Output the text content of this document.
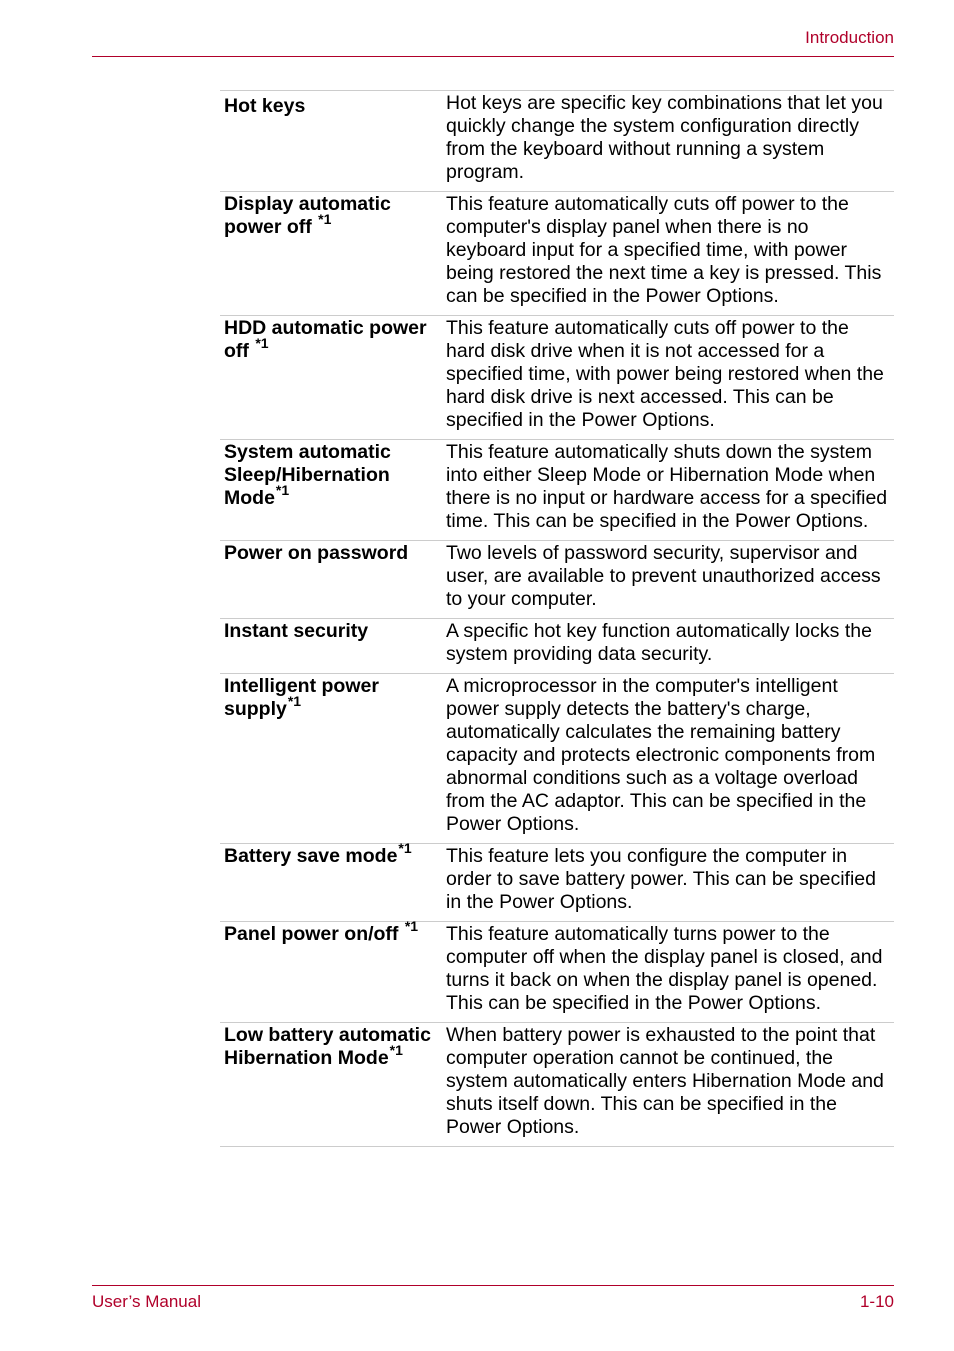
Introduction
Hot keys	Hot keys are specific key combinations that let you quickly change the system configuration directly from the keyboard without running a system program.
Display automatic power off $^{*1}$	This feature automatically cuts off power to the computer's display panel when there is no keyboard input for a specified time, with power being restored the next time a key is pressed. This can be specified in the Power Options.
HDD automatic power off $^{*1}$	This feature automatically cuts off power to the hard disk drive when it is not accessed for a specified time, with power being restored when the hard disk drive is next accessed. This can be specified in the Power Options.
System automatic Sleep/Hibernation Mode$^{*1}$	This feature automatically shuts down the system into either Sleep Mode or Hibernation Mode when there is no input or hardware access for a specified time. This can be specified in the Power Options.
Power on password	Two levels of password security, supervisor and user, are available to prevent unauthorized access to your computer.
Instant security	A specific hot key function automatically locks the system providing data security.
Intelligent power supply$^{*1}$	A microprocessor in the computer's intelligent power supply detects the battery's charge, automatically calculates the remaining battery capacity and protects electronic components from abnormal conditions such as a voltage overload from the AC adaptor. This can be specified in the Power Options.
Battery save mode$^{*1}$	This feature lets you configure the computer in order to save battery power. This can be specified in the Power Options.
Panel power on/off $^{*1}$	This feature automatically turns power to the computer off when the display panel is closed, and turns it back on when the display panel is opened. This can be specified in the Power Options.
Low battery automatic Hibernation Mode$^{*1}$	When battery power is exhausted to the point that computer operation cannot be continued, the system automatically enters Hibernation Mode and shuts itself down. This can be specified in the Power Options.
User’s Manual	1-10
